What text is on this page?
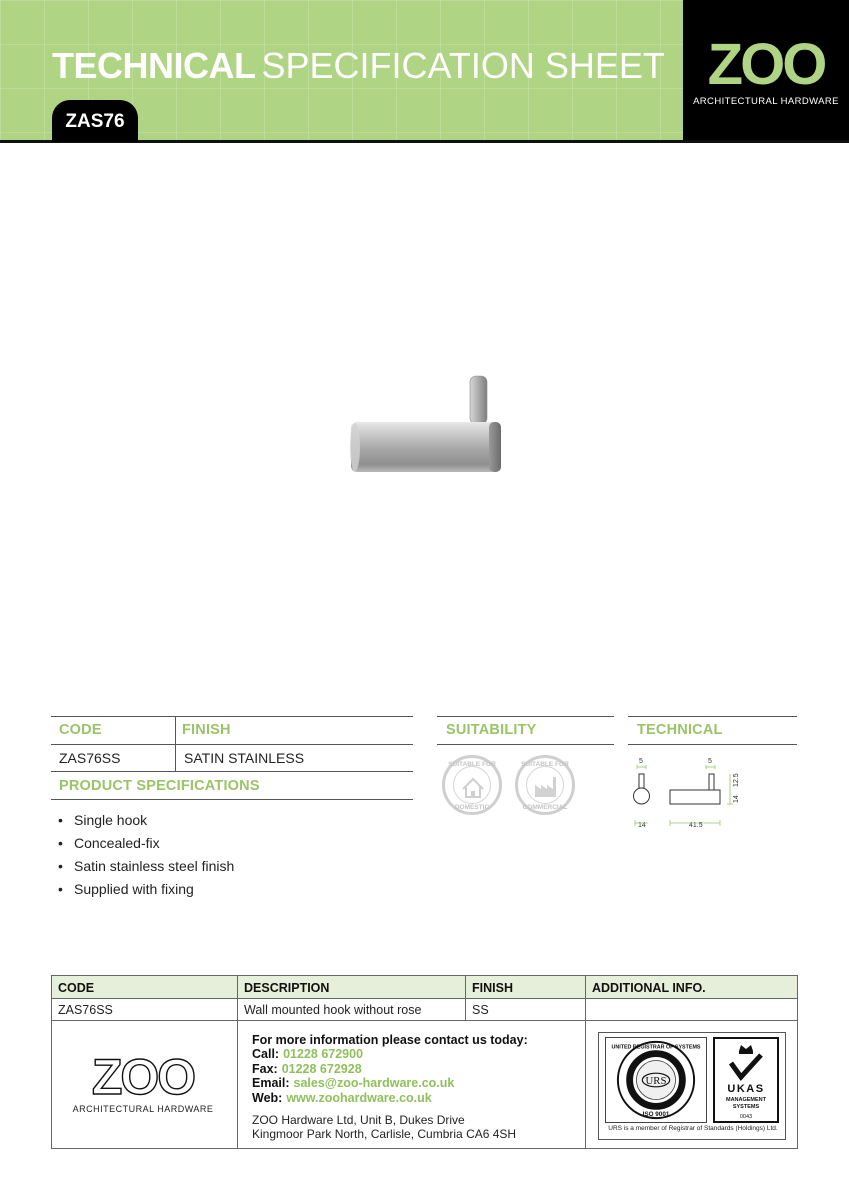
TECHNICAL SPECIFICATION SHEET
ZAS76
ZOO
ARCHITECTURAL HARDWARE
CODE	FINISH
ZAS76SS	SATIN STAINLESS
PRODUCT SPECIFICATIONS
• Single hook
• Concealed-fix
• Satin stainless steel finish
• Supplied with fixing
SUITABILITY
SUITABLE FOR
DOMESTIC
SUITABLE FOR
COMMERCIAL
TECHNICAL
5	5
14	41.5
14
12.5
CODE	DESCRIPTION	FINISH	ADDITIONAL INFO.
ZAS76SS	Wall mounted hook without rose	SS
ZOO
ARCHITECTURAL HARDWARE
For more information please contact us today:
Call: 01228 672900
Fax: 01228 672928
Email: sales@zoo-hardware.co.uk
Web: www.zoohardware.co.uk
ZOO Hardware Ltd, Unit B, Dukes Drive
Kingmoor Park North, Carlisle, Cumbria CA6 4SH
URS
UNITED REGISTRAR OF SYSTEMS
ISO 9001
UKAS
MANAGEMENT
SYSTEMS
0043
URS is a member of Registrar of Standards (Holdings) Ltd.
